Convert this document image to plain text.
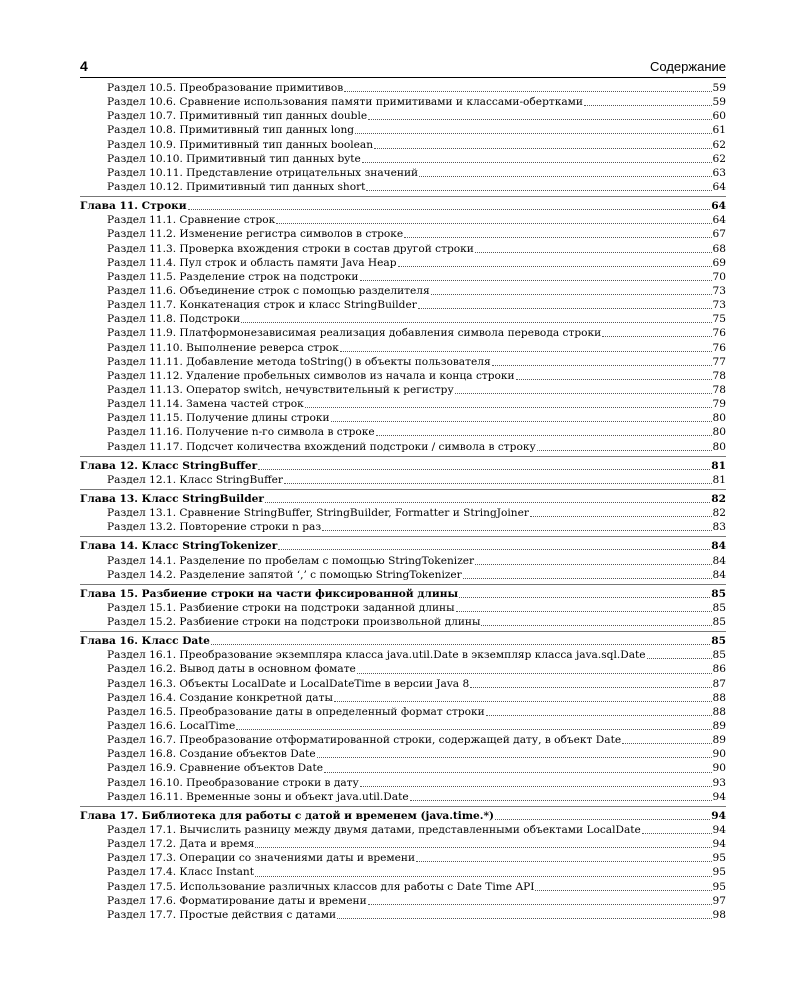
4	Содержание
Раздел 10.5. Преобразование примитивов	59
Раздел 10.6. Сравнение использования памяти примитивами и классами-обертками	59
Раздел 10.7. Примитивный тип данных double	60
Раздел 10.8. Примитивный тип данных long	61
Раздел 10.9. Примитивный тип данных boolean	62
Раздел 10.10. Примитивный тип данных byte	62
Раздел 10.11. Представление отрицательных значений	63
Раздел 10.12. Примитивный тип данных short	64
Глава 11. Строки	64
Раздел 11.1. Сравнение строк	64
Раздел 11.2. Изменение регистра символов в строке	67
Раздел 11.3. Проверка вхождения строки в состав другой строки	68
Раздел 11.4. Пул строк и область памяти Java Heap	69
Раздел 11.5. Разделение строк на подстроки	70
Раздел 11.6. Объединение строк с помощью разделителя	73
Раздел 11.7. Конкатенация строк и класс StringBuilder	73
Раздел 11.8. Подстроки	75
Раздел 11.9. Платформонезависимая реализация добавления символа перевода строки	76
Раздел 11.10. Выполнение реверса строк	76
Раздел 11.11. Добавление метода toString() в объекты пользователя	77
Раздел 11.12. Удаление пробельных символов из начала и конца строки	78
Раздел 11.13. Оператор switch, нечувствительный к регистру	78
Раздел 11.14. Замена частей строк	79
Раздел 11.15. Получение длины строки	80
Раздел 11.16. Получение n-го символа в строке	80
Раздел 11.17. Подсчет количества вхождений подстроки / символа в строку	80
Глава 12. Класс StringBuffer	81
Раздел 12.1. Класс StringBuffer	81
Глава 13. Класс StringBuilder	82
Раздел 13.1. Сравнение StringBuffer, StringBuilder, Formatter и StringJoiner	82
Раздел 13.2. Повторение строки n раз	83
Глава 14. Класс StringTokenizer	84
Раздел 14.1. Разделение по пробелам с помощью StringTokenizer	84
Раздел 14.2. Разделение запятой ‘,’ с помощью StringTokenizer	84
Глава 15. Разбиение строки на части фиксированной длины	85
Раздел 15.1. Разбиение строки на подстроки заданной длины	85
Раздел 15.2. Разбиение строки на подстроки произвольной длины	85
Глава 16. Класс Date	85
Раздел 16.1. Преобразование экземпляра класса java.util.Date в экземпляр класса java.sql.Date	85
Раздел 16.2. Вывод даты в основном фомате	86
Раздел 16.3. Объекты LocalDate и LocalDateTime в версии Java 8	87
Раздел 16.4. Создание конкретной даты	88
Раздел 16.5. Преобразование даты в определенный формат строки	88
Раздел 16.6. LocalTime	89
Раздел 16.7. Преобразование отформатированной строки, содержащей дату, в объект Date	89
Раздел 16.8. Создание объектов Date	90
Раздел 16.9. Сравнение объектов Date	90
Раздел 16.10. Преобразование строки в дату	93
Раздел 16.11. Временные зоны и объект java.util.Date	94
Глава 17. Библиотека для работы с датой и временем (java.time.*)	94
Раздел 17.1. Вычислить разницу между двумя датами, представленными объектами LocalDate	94
Раздел 17.2. Дата и время	94
Раздел 17.3. Операции со значениями даты и времени	95
Раздел 17.4. Класс Instant	95
Раздел 17.5. Использование различных классов для работы с Date Time API	95
Раздел 17.6. Форматирование даты и времени	97
Раздел 17.7. Простые действия с датами	98
